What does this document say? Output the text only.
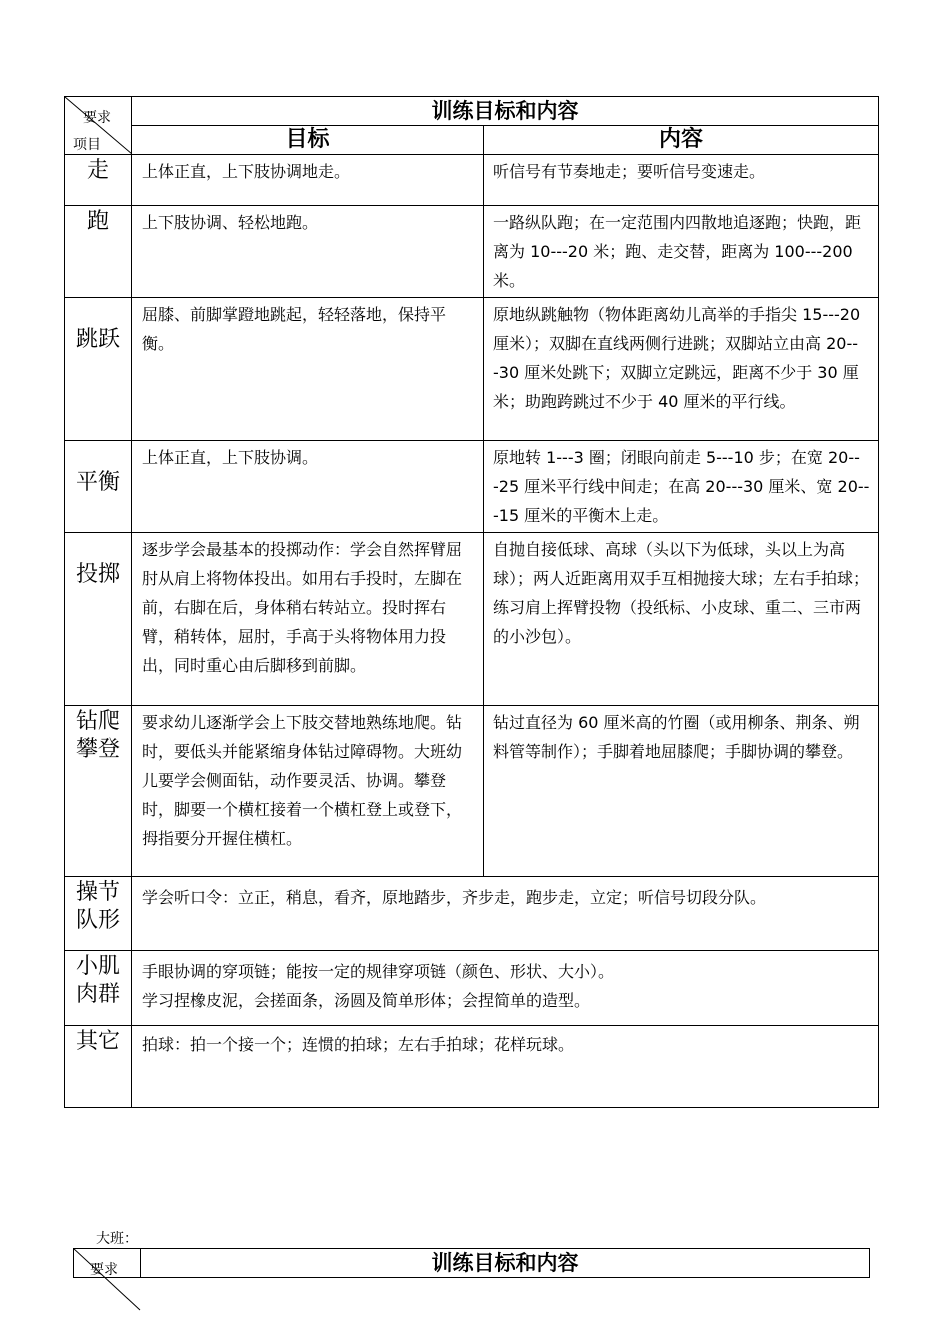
要求
项目	训练目标和内容	
	目标	内容
走	上体正直，上下肢协调地走。	听信号有节奏地走；要听信号变速走。
跑	上下肢协调、轻松地跑。	一路纵队跑；在一定范围内四散地追逐跑；快跑，距离为 10---20 米；跑、走交替，距离为 100---200 米。
跳跃	屈膝、前脚掌蹬地跳起，轻轻落地，保持平衡。	原地纵跳触物（物体距离幼儿高举的手指尖 15---20 厘米）；双脚在直线两侧行进跳；双脚站立由高 20---30 厘米处跳下；双脚立定跳远，距离不少于 30 厘米；助跑跨跳过不少于 40 厘米的平行线。
平衡	上体正直，上下肢协调。	原地转 1---3 圈；闭眼向前走 5---10 步；在宽 20---25 厘米平行线中间走；在高 20---30 厘米、宽 20---15 厘米的平衡木上走。
投掷	逐步学会最基本的投掷动作：学会自然挥臂屈肘从肩上将物体投出。如用右手投时，左脚在前，右脚在后，身体稍右转站立。投时挥右臂，稍转体，屈肘，手高于头将物体用力投出，同时重心由后脚移到前脚。	自抛自接低球、高球（头以下为低球，头以上为高球）；两人近距离用双手互相抛接大球；左右手拍球；练习肩上挥臂投物（投纸标、小皮球、重二、三市两的小沙包）。
钻爬攀登	要求幼儿逐渐学会上下肢交替地熟练地爬。钻时，要低头并能紧缩身体钻过障碍物。大班幼儿要学会侧面钻，动作要灵活、协调。攀登时，脚要一个横杠接着一个横杠登上或登下，拇指要分开握住横杠。	钻过直径为 60 厘米高的竹圈（或用柳条、荆条、朔料管等制作）；手脚着地屈膝爬；手脚协调的攀登。
操节队形	学会听口令：立正，稍息，看齐，原地踏步，齐步走，跑步走，立定；听信号切段分队。	
小肌肉群	手眼协调的穿项链；能按一定的规律穿项链（颜色、形状、大小）。
学习捏橡皮泥，会搓面条，汤圆及简单形体；会捏简单的造型。	
其它	拍球：拍一个接一个；连惯的拍球；左右手拍球；花样玩球。	
大班：
要求	训练目标和内容
